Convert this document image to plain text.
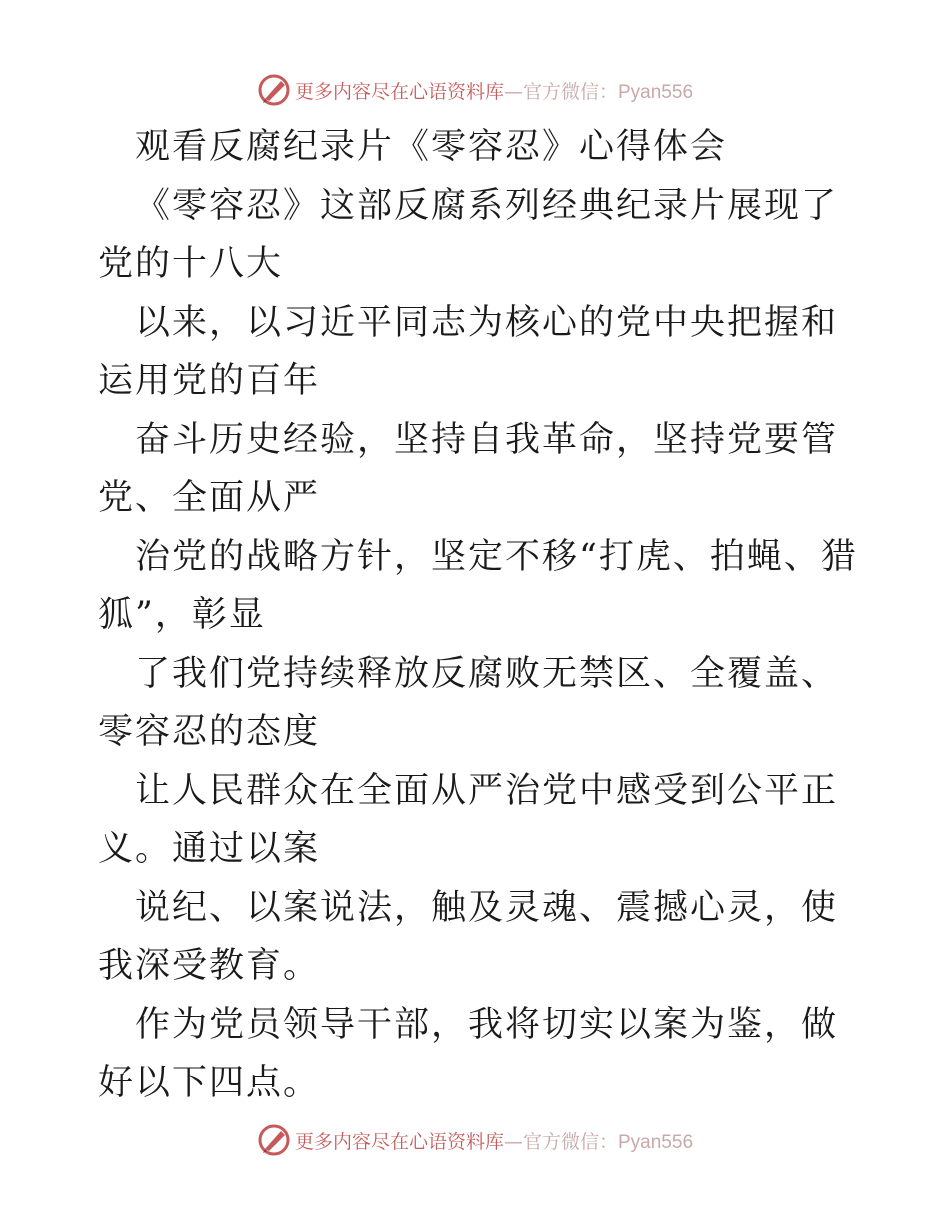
更多内容尽在心语资料库—官方微信：Pyan556

观看反腐纪录片《零容忍》心得体会

《零容忍》这部反腐系列经典纪录片展现了党的十八大

以来，以习近平同志为核心的党中央把握和运用党的百年

奋斗历史经验，坚持自我革命，坚持党要管党、全面从严

治党的战略方针，坚定不移“打虎、拍蝇、猎狐”，彰显

了我们党持续释放反腐败无禁区、全覆盖、零容忍的态度

让人民群众在全面从严治党中感受到公平正义。通过以案

说纪、以案说法，触及灵魂、震撼心灵，使我深受教育。

作为党员领导干部，我将切实以案为鉴，做好以下四点。

更多内容尽在心语资料库—官方微信：Pyan556
